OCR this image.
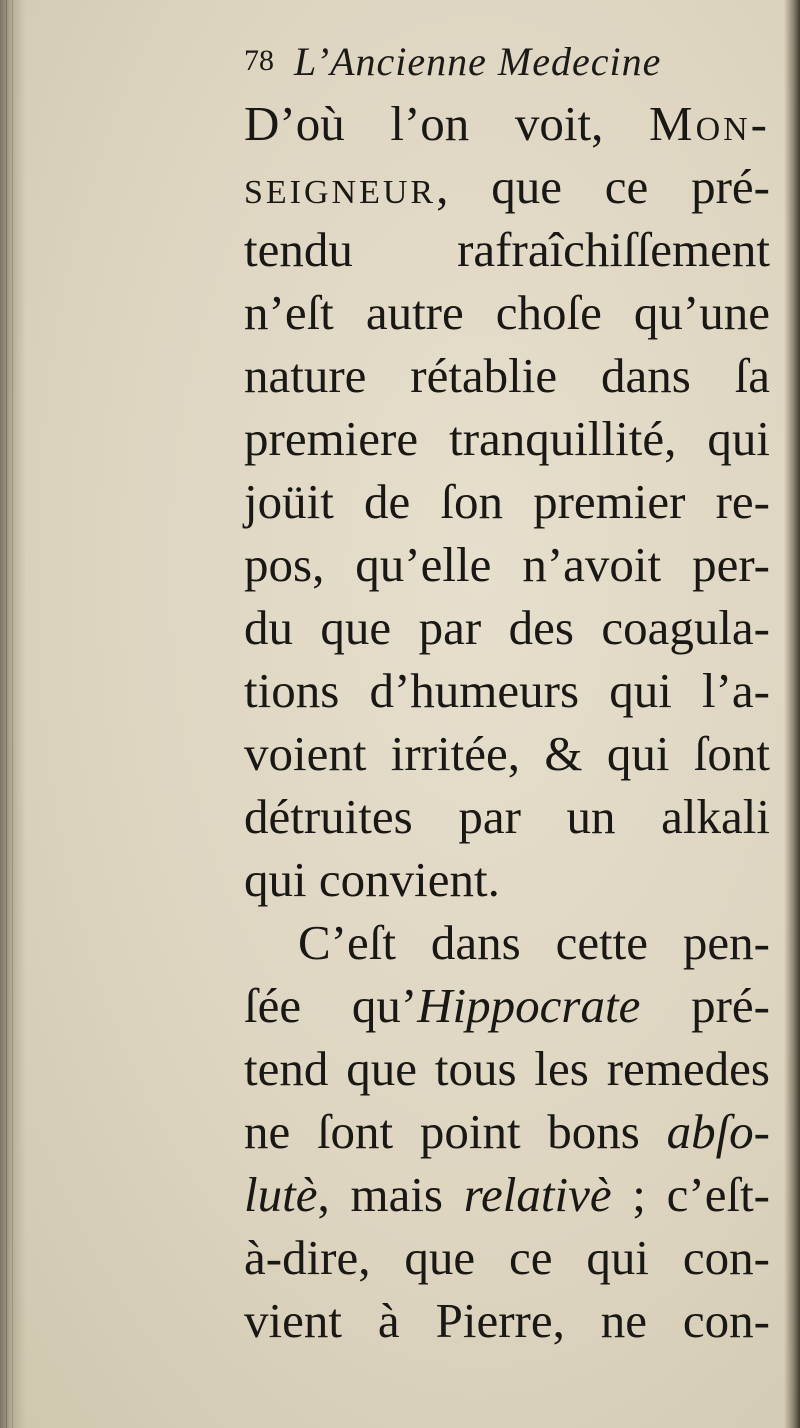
78 L’Ancienne Medecine
D’où l’on voit, Mon-
seigneur, que ce pré-
tendu rafraîchiſſement
n’eſt autre choſe qu’une
nature rétablie dans ſa
premiere tranquillité, qui
joüit de ſon premier re-
pos, qu’elle n’avoit per-
du que par des coagula-
tions d’humeurs qui l’a-
voient irritée, & qui ſont
détruites par un alkali
qui convient.
C’eſt dans cette pen-
ſée qu’Hippocrate pré-
tend que tous les remedes
ne ſont point bons abſo-
lutè, mais relativè ; c’eſt-
à-dire, que ce qui con-
vient à Pierre, ne con-
